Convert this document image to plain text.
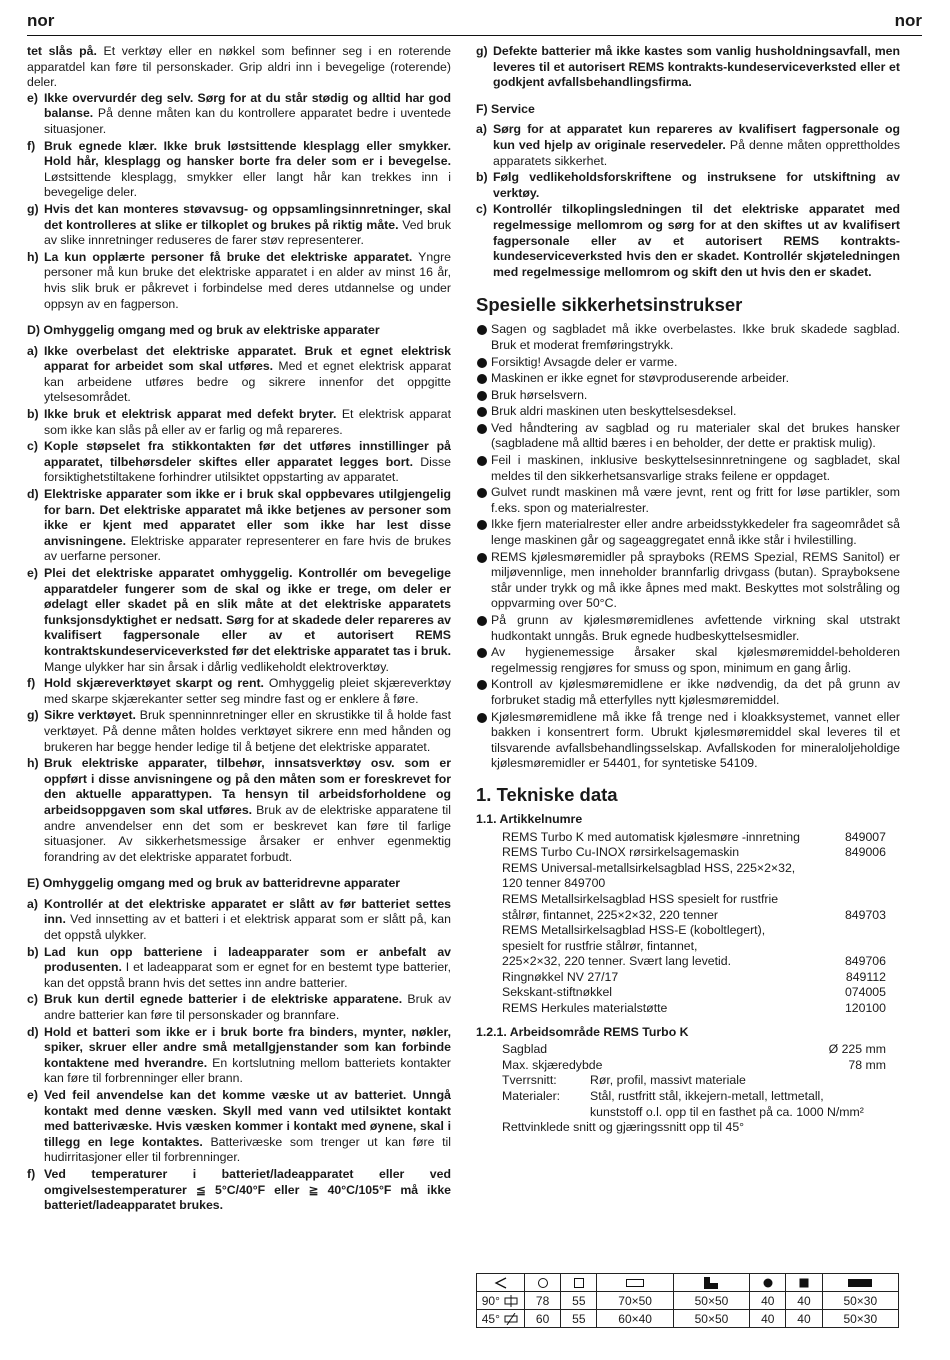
nor	nor
tet slås på. Et verktøy eller en nøkkel som befinner seg i en roterende apparatdel kan føre til personskader. Grip aldri inn i bevegelige (roterende) deler.
e) Ikke overvurdér deg selv. Sørg for at du står stødig og alltid har god balanse. På denne måten kan du kontrollere apparatet bedre i uventede situasjoner.
f) Bruk egnede klær. Ikke bruk løstsittende klesplagg eller smykker. Hold hår, klesplagg og hansker borte fra deler som er i bevegelse. Løstsittende klesplagg, smykker eller langt hår kan trekkes inn i bevegelige deler.
g) Hvis det kan monteres støvavsug- og oppsamlingsinnretninger, skal det kontrolleres at slike er tilkoplet og brukes på riktig måte. Ved bruk av slike innretninger reduseres de farer støv representerer.
h) La kun opplærte personer få bruke det elektriske apparatet. Yngre personer må kun bruke det elektriske apparatet i en alder av minst 16 år, hvis slik bruk er påkrevet i forbindelse med deres utdannelse og under oppsyn av en fagperson.
D) Omhyggelig omgang med og bruk av elektriske apparater
a) Ikke overbelast det elektriske apparatet. Bruk et egnet elektrisk apparat for arbeidet som skal utføres. Med et egnet elektrisk apparat kan arbeidene utføres bedre og sikrere innenfor det oppgitte ytelsesområdet.
b) Ikke bruk et elektrisk apparat med defekt bryter. Et elektrisk apparat som ikke kan slås på eller av er farlig og må repareres.
c) Kople støpselet fra stikkontakten før det utføres innstillinger på apparatet, tilbehørsdeler skiftes eller apparatet legges bort. Disse forsiktighetstiltakene forhindrer utilsiktet oppstarting av apparatet.
d) Elektriske apparater som ikke er i bruk skal oppbevares utilgjengelig for barn. Det elektriske apparatet må ikke betjenes av personer som ikke er kjent med apparatet eller som ikke har lest disse anvisningene. Elektriske apparater representerer en fare hvis de brukes av uerfarne personer.
e) Plei det elektriske apparatet omhyggelig. Kontrollér om bevegelige apparatdeler fungerer som de skal og ikke er trege, om deler er ødelagt eller skadet på en slik måte at det elektriske apparatets funksjonsdyktighet er nedsatt. Sørg for at skadede deler repareres av kvalifisert fagpersonale eller av et autorisert REMS kontraktskundeserviceverksted før det elektriske apparatet tas i bruk. Mange ulykker har sin årsak i dårlig vedlikeholdt elektroverktøy.
f) Hold skjæreverktøyet skarpt og rent. Omhyggelig pleiet skjæreverktøy med skarpe skjærekanter setter seg mindre fast og er enklere å føre.
g) Sikre verktøyet. Bruk spenninnretninger eller en skrustikke til å holde fast verktøyet. På denne måten holdes verktøyet sikrere enn med hånden og brukeren har begge hender ledige til å betjene det elektriske apparatet.
h) Bruk elektriske apparater, tilbehør, innsatsverktøy osv. som er oppført i disse anvisningene og på den måten som er foreskrevet for den aktuelle apparattypen. Ta hensyn til arbeidsforholdene og arbeidsoppgaven som skal utføres. Bruk av de elektriske apparatene til andre anvendelser enn det som er beskrevet kan føre til farlige situasjoner. Av sikkerhetsmessige årsaker er enhver egenmektig forandring av det elektriske apparatet forbudt.
E) Omhyggelig omgang med og bruk av batteridrevne apparater
a) Kontrollér at det elektriske apparatet er slått av før batteriet settes inn. Ved innsetting av et batteri i et elektrisk apparat som er slått på, kan det oppstå ulykker.
b) Lad kun opp batteriene i ladeapparater som er anbefalt av produsenten. I et ladeapparat som er egnet for en bestemt type batterier, kan det oppstå brann hvis det settes inn andre batterier.
c) Bruk kun dertil egnede batterier i de elektriske apparatene. Bruk av andre batterier kan føre til personskader og brannfare.
d) Hold et batteri som ikke er i bruk borte fra binders, mynter, nøkler, spiker, skruer eller andre små metallgjenstander som kan forbinde kontaktene med hverandre. En kortslutning mellom batteriets kontakter kan føre til forbrenninger eller brann.
e) Ved feil anvendelse kan det komme væske ut av batteriet. Unngå kontakt med denne væsken. Skyll med vann ved utilsiktet kontakt med batterivæske. Hvis væsken kommer i kontakt med øynene, skal i tillegg en lege kontaktes. Batterivæske som trenger ut kan føre til hudirritasjoner eller til forbrenninger.
f) Ved temperaturer i batteriet/ladeapparatet eller ved omgivelsestemperaturer ≦ 5°C/40°F eller ≧ 40°C/105°F må ikke batteriet/ladeapparatet brukes.
g) Defekte batterier må ikke kastes som vanlig husholdningsavfall, men leveres til et autorisert REMS kontrakts-kundeserviceverksted eller et godkjent avfallsbehandlingsfirma.
F) Service
a) Sørg for at apparatet kun repareres av kvalifisert fagpersonale og kun ved hjelp av originale reservedeler. På denne måten opprettholdes apparatets sikkerhet.
b) Følg vedlikeholdsforskriftene og instruksene for utskiftning av verktøy.
c) Kontrollér tilkoplingsledningen til det elektriske apparatet med regelmessige mellomrom og sørg for at den skiftes ut av kvalifisert fagpersonale eller av et autorisert REMS kontrakts-kundeserviceverksted hvis den er skadet. Kontrollér skjøteledningen med regelmessige mellomrom og skift den ut hvis den er skadet.
Spesielle sikkerhetsinstrukser
Sagen og sagbladet må ikke overbelastes. Ikke bruk skadede sagblad. Bruk et moderat fremføringstrykk.
Forsiktig! Avsagde deler er varme.
Maskinen er ikke egnet for støvproduserende arbeider.
Bruk hørselsvern.
Bruk aldri maskinen uten beskyttelsesdeksel.
Ved håndtering av sagblad og ru materialer skal det brukes hansker (sagbladene må alltid bæres i en beholder, der dette er praktisk mulig).
Feil i maskinen, inklusive beskyttelsesinnretningene og sagbladet, skal meldes til den sikkerhetsansvarlige straks feilene er oppdaget.
Gulvet rundt maskinen må være jevnt, rent og fritt for løse partikler, som f.eks. spon og materialrester.
Ikke fjern materialrester eller andre arbeidsstykkedeler fra sageområdet så lenge maskinen går og sageaggregatet ennå ikke står i hvilestilling.
REMS kjølesmøremidler på sprayboks (REMS Spezial, REMS Sanitol) er miljøvennlige, men inneholder brannfarlig drivgass (butan). Sprayboksene står under trykk og må ikke åpnes med makt. Beskyttes mot solstråling og oppvarming over 50°C.
På grunn av kjølesmøremidlenes avfettende virkning skal utstrakt hudkontakt unngås. Bruk egnede hudbeskyttelsesmidler.
Av hygienemessige årsaker skal kjølesmøremiddel-beholderen regelmessig rengjøres for smuss og spon, minimum en gang årlig.
Kontroll av kjølesmøremidlene er ikke nødvendig, da det på grunn av forbruket stadig må etterfylles nytt kjølesmøremiddel.
Kjølesmøremidlene må ikke få trenge ned i kloakksystemet, vannet eller bakken i konsentrert form. Ubrukt kjølesmøremiddel skal leveres til et tilsvarende avfallsbehandlingsselskap. Avfallskoden for mineraloljeholdige kjølesmøremidler er 54401, for syntetiske 54109.
1. Tekniske data
1.1. Artikkelnumre
REMS Turbo K med automatisk kjølesmøre -innretning	849007
REMS Turbo Cu-INOX rørsirkelsagemaskin	849006
REMS Universal-metallsirkelsagblad HSS, 225×2×32,
120 tenner 849700
REMS Metallsirkelsagblad HSS spesielt for rustfrie
stålrør, fintannet, 225×2×32, 220 tenner	849703
REMS Metallsirkelsagblad HSS-E (koboltlegert),
spesielt for rustfrie stålrør, fintannet,
225×2×32, 220 tenner. Svært lang levetid.	849706
Ringnøkkel NV 27/17	849112
Sekskant-stiftnøkkel	074005
REMS Herkules materialstøtte	120100
1.2.1. Arbeidsområde REMS Turbo K
Sagblad	Ø 225 mm
Max. skjæredybde	78 mm
Tverrsnitt:	Rør, profil, massivt materiale
Materialer:	Stål, rustfritt stål, ikkejern-metall, lettmetall,
kunststoff o.l. opp til en fasthet på ca. 1000 N/mm²
Rettvinklede snitt og gjæringssnitt opp til 45°

90°	78	55	70×50	50×50	40	40	50×30
45°	60	55	60×40	50×50	40	40	50×30
